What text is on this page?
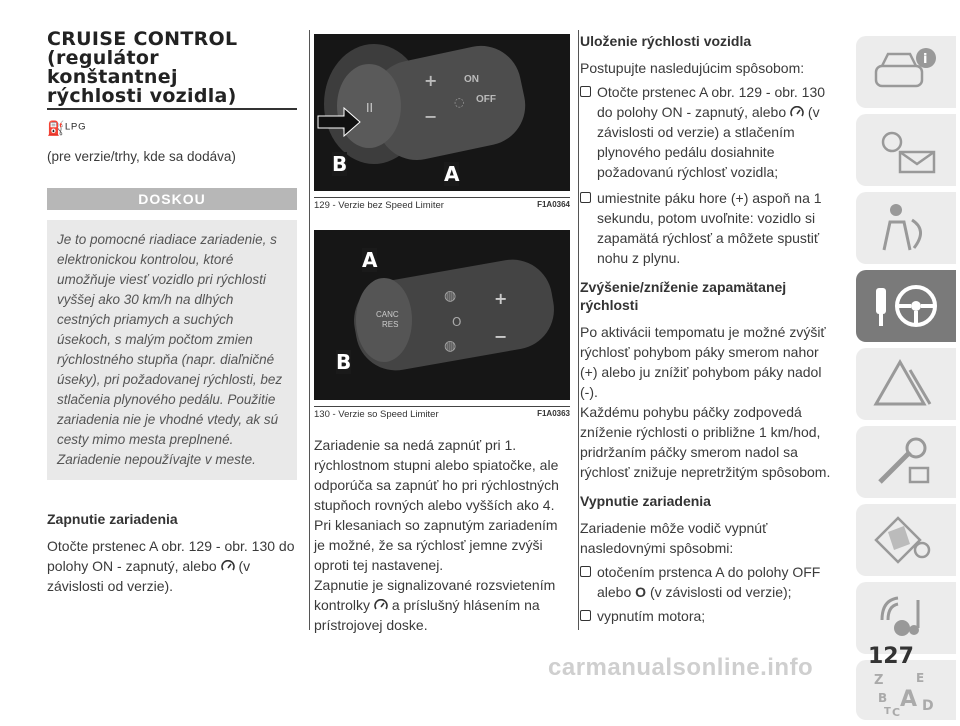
CRUISE CONTROL
(regulátor
konštantnej
rýchlosti vozidla)
⛽ᴸᴾᴳ
(pre verzie/trhy, kde sa dodáva)
DOSKOU
Je to pomocné riadiace zariadenie, s elektronickou kontrolou, ktoré umožňuje viesť vozidlo pri rýchlosti vyššej ako 30 km/h na dlhých cestných priamych a suchých úsekoch, s malým počtom zmien rýchlostného stupňa (napr. diaľničné úseky), pri požadovanej rýchlosti, bez stlačenia plynového pedálu. Použitie zariadenia nie je vhodné vtedy, ak sú cesty mimo mesta preplnené. Zariadenie nepoužívajte v meste.
Zapnutie zariadenia
Otočte prstenec A obr. 129 - obr. 130 do polohy ON - zapnutý, alebo (v závislosti od verzie).
+
−
◌
II
A
B
ON
OFF
129 - Verzie bez Speed Limiter	F1A0364
◍
O
◍
+
−
A
B
CANC
RES
130 - Verzie so Speed Limiter	F1A0363
Zariadenie sa nedá zapnúť pri 1. rýchlostnom stupni alebo spiatočke, ale odporúča sa zapnúť ho pri rýchlostných stupňoch rovných alebo vyšších ako 4.
Pri klesaniach so zapnutým zariadením je možné, že sa rýchlosť jemne zvýši oproti tej nastavenej.
Zapnutie je signalizované rozsvietením kontrolky a príslušný hlásením na prístrojovej doske.
Uloženie rýchlosti vozidla
Postupujte nasledujúcim spôsobom:
Otočte prstenec A obr. 129 - obr. 130 do polohy ON - zapnutý, alebo (v závislosti od verzie) a stlačením plynového pedálu dosiahnite požadovanú rýchlosť vozidla;
umiestnite páku hore (+) aspoň na 1 sekundu, potom uvoľnite: vozidlo si zapamätá rýchlosť a môžete spustiť nohu z plynu.
Zvýšenie/zníženie zapamätanej rýchlosti
Po aktivácii tempomatu je možné zvýšiť rýchlosť pohybom páky smerom nahor (+) alebo ju znížiť pohybom páky nadol (-).
Každému pohybu páčky zodpovedá zníženie rýchlosti o približne 1 km/hod, pridržaním páčky smerom nadol sa rýchlosť znižuje nepretržitým spôsobom.
Vypnutie zariadenia
Zariadenie môže vodič vypnúť nasledovnými spôsobmi:
otočením prstenca A do polohy OFF alebo O (v závislosti od verzie);
vypnutím motora;
i
Z	E
B A
C
T D
127
carmanualsonline.info
